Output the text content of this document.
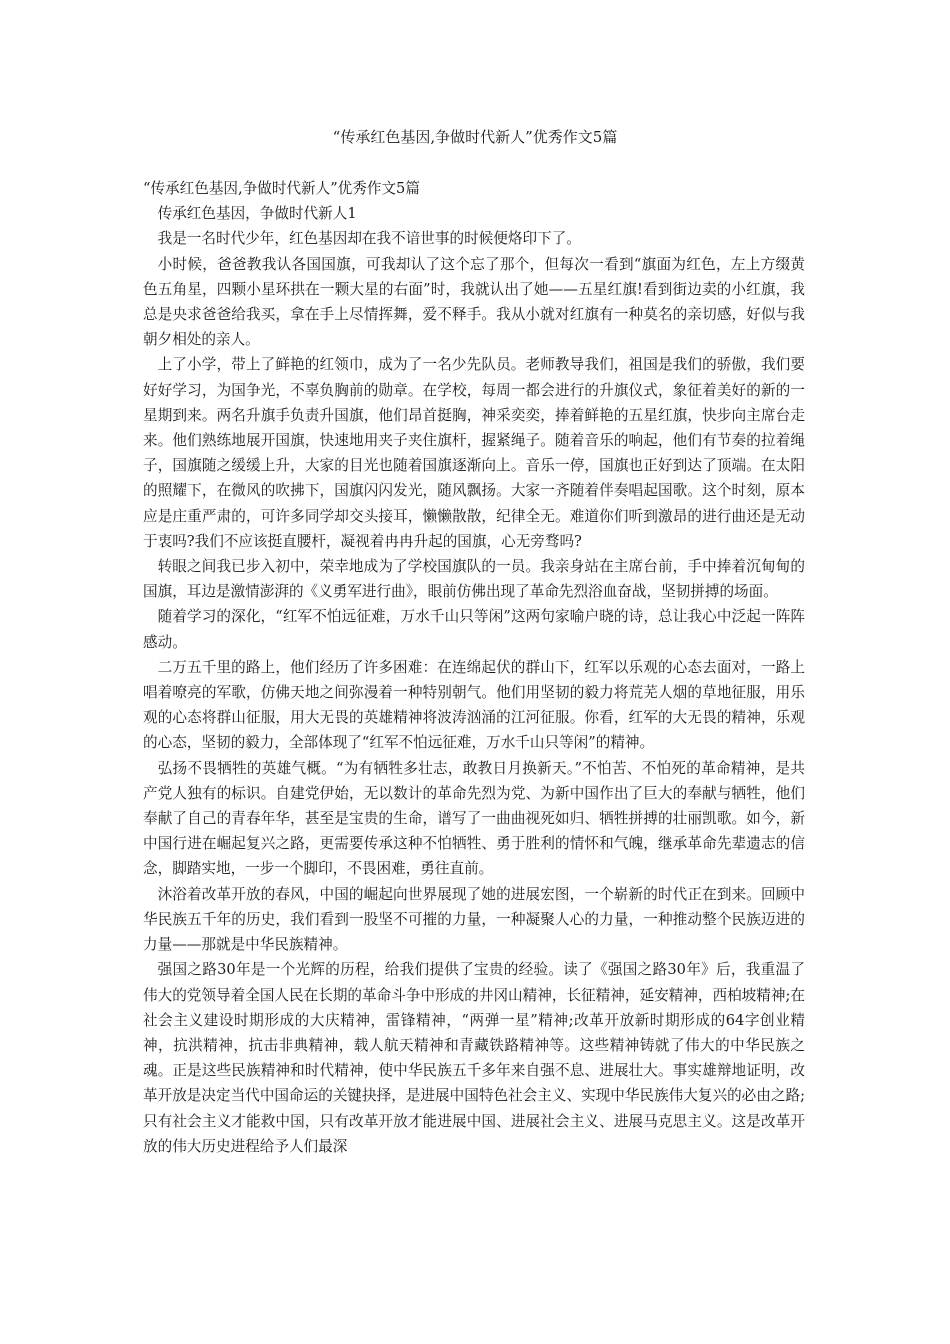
“传承红色基因,争做时代新人”优秀作文5篇

“传承红色基因,争做时代新人”优秀作文5篇

传承红色基因，争做时代新人1

我是一名时代少年，红色基因却在我不谙世事的时候便烙印下了。

小时候，爸爸教我认各国国旗，可我却认了这个忘了那个，但每次一看到“旗面为红色，左上方缀黄色五角星，四颗小星环拱在一颗大星的右面”时，我就认出了她——五星红旗!看到街边卖的小红旗，我总是央求爸爸给我买，拿在手上尽情挥舞，爱不释手。我从小就对红旗有一种莫名的亲切感，好似与我朝夕相处的亲人。

上了小学，带上了鲜艳的红领巾，成为了一名少先队员。老师教导我们，祖国是我们的骄傲，我们要好好学习，为国争光，不辜负胸前的勋章。在学校，每周一都会进行的升旗仪式，象征着美好的新的一星期到来。两名升旗手负责升国旗，他们昂首挺胸，神采奕奕，捧着鲜艳的五星红旗，快步向主席台走来。他们熟练地展开国旗，快速地用夹子夹住旗杆，握紧绳子。随着音乐的响起，他们有节奏的拉着绳子，国旗随之缓缓上升，大家的目光也随着国旗逐渐向上。音乐一停，国旗也正好到达了顶端。在太阳的照耀下，在微风的吹拂下，国旗闪闪发光，随风飘扬。大家一齐随着伴奏唱起国歌。这个时刻，原本应是庄重严肃的，可许多同学却交头接耳，懒懒散散，纪律全无。难道你们听到激昂的进行曲还是无动于衷吗?我们不应该挺直腰杆，凝视着冉冉升起的国旗，心无旁骛吗?

转眼之间我已步入初中，荣幸地成为了学校国旗队的一员。我亲身站在主席台前，手中捧着沉甸甸的国旗，耳边是激情澎湃的《义勇军进行曲》，眼前仿佛出现了革命先烈浴血奋战，坚韧拼搏的场面。

随着学习的深化，“红军不怕远征难，万水千山只等闲”这两句家喻户晓的诗，总让我心中泛起一阵阵感动。

二万五千里的路上，他们经历了许多困难：在连绵起伏的群山下，红军以乐观的心态去面对，一路上唱着嘹亮的军歌，仿佛天地之间弥漫着一种特别朝气。他们用坚韧的毅力将荒芜人烟的草地征服，用乐观的心态将群山征服，用大无畏的英雄精神将波涛汹涌的江河征服。你看，红军的大无畏的精神，乐观的心态，坚韧的毅力，全部体现了“红军不怕远征难，万水千山只等闲”的精神。

弘扬不畏牺牲的英雄气概。“为有牺牲多壮志，敢教日月换新天。”不怕苦、不怕死的革命精神，是共产党人独有的标识。自建党伊始，无以数计的革命先烈为党、为新中国作出了巨大的奉献与牺牲，他们奉献了自己的青春年华，甚至是宝贵的生命，谱写了一曲曲视死如归、牺牲拼搏的壮丽凯歌。如今，新中国行进在崛起复兴之路，更需要传承这种不怕牺牲、勇于胜利的情怀和气魄，继承革命先辈遗志的信念，脚踏实地，一步一个脚印，不畏困难，勇往直前。

沐浴着改革开放的春风，中国的崛起向世界展现了她的进展宏图，一个崭新的时代正在到来。回顾中华民族五千年的历史，我们看到一股坚不可摧的力量，一种凝聚人心的力量，一种推动整个民族迈进的力量——那就是中华民族精神。

强国之路30年是一个光辉的历程，给我们提供了宝贵的经验。读了《强国之路30年》后，我重温了伟大的党领导着全国人民在长期的革命斗争中形成的井冈山精神，长征精神，延安精神，西柏坡精神;在社会主义建设时期形成的大庆精神，雷锋精神，“两弹一星”精神;改革开放新时期形成的64字创业精神，抗洪精神，抗击非典精神，载人航天精神和青藏铁路精神等。这些精神铸就了伟大的中华民族之魂。正是这些民族精神和时代精神，使中华民族五千多年来自强不息、进展壮大。事实雄辩地证明，改革开放是决定当代中国命运的关键抉择，是进展中国特色社会主义、实现中华民族伟大复兴的必由之路;只有社会主义才能救中国，只有改革开放才能进展中国、进展社会主义、进展马克思主义。这是改革开放的伟大历史进程给予人们最深
